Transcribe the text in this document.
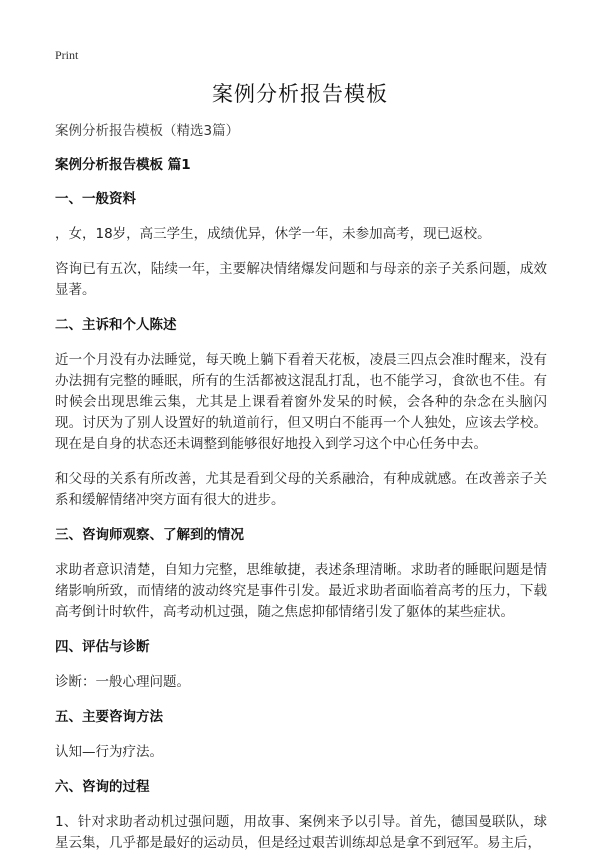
Print
案例分析报告模板

案例分析报告模板（精选3篇）

案例分析报告模板 篇1

一、一般资料

，女，18岁，高三学生，成绩优异，休学一年，未参加高考，现已返校。

咨询已有五次，陆续一年，主要解决情绪爆发问题和与母亲的亲子关系问题，成效显著。

二、主诉和个人陈述

近一个月没有办法睡觉，每天晚上躺下看着天花板，凌晨三四点会准时醒来，没有办法拥有完整的睡眠，所有的生活都被这混乱打乱，也不能学习，食欲也不佳。有时候会出现思维云集，尤其是上课看着窗外发呆的时候，会各种的杂念在头脑闪现。讨厌为了别人设置好的轨道前行，但又明白不能再一个人独处，应该去学校。现在是自身的状态还未调整到能够很好地投入到学习这个中心任务中去。

和父母的关系有所改善，尤其是看到父母的关系融洽，有种成就感。在改善亲子关系和缓解情绪冲突方面有很大的进步。

三、咨询师观察、了解到的情况

求助者意识清楚，自知力完整，思维敏捷，表述条理清晰。求助者的睡眠问题是情绪影响所致，而情绪的波动终究是事件引发。最近求助者面临着高考的压力，下载高考倒计时软件，高考动机过强，随之焦虑抑郁情绪引发了躯体的某些症状。

四、评估与诊断

诊断：一般心理问题。

五、主要咨询方法

认知—行为疗法。

六、咨询的过程

1、针对求助者动机过强问题，用故事、案例来予以引导。首先，德国曼联队，球星云集，几乎都是最好的运动员，但是经过艰苦训练却总是拿不到冠军。易主后，
